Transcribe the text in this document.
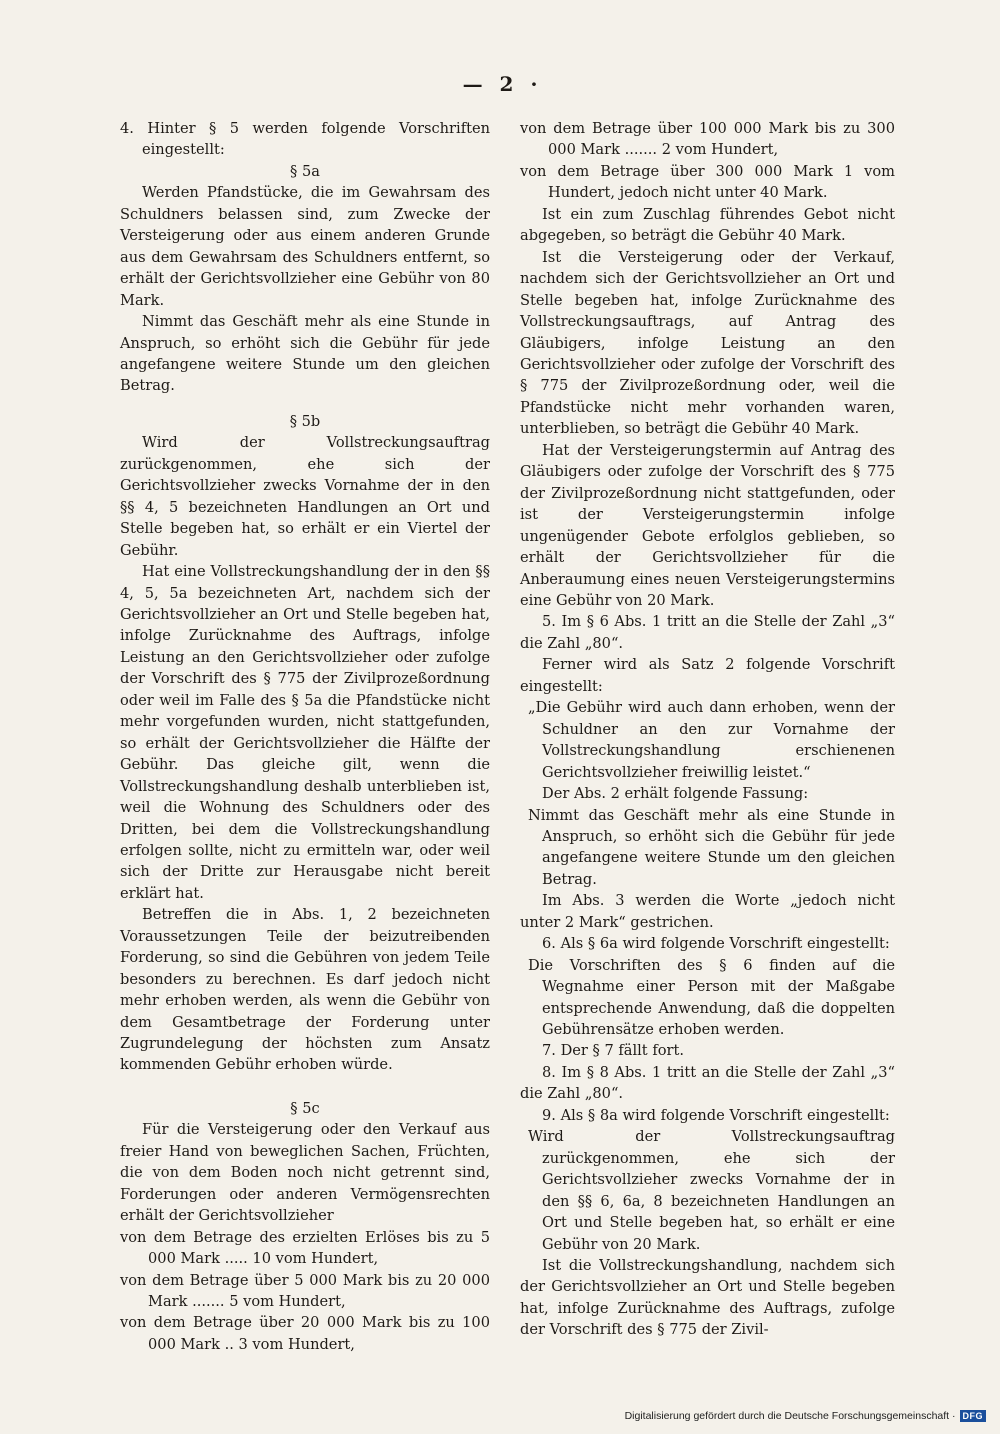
— 2 ·

4. Hinter § 5 werden folgende Vorschriften eingestellt:

§ 5a

Werden Pfandstücke, die im Gewahrsam des Schuldners belassen sind, zum Zwecke der Versteigerung oder aus einem anderen Grunde aus dem Gewahrsam des Schuldners entfernt, so erhält der Gerichtsvollzieher eine Gebühr von 80 Mark.

Nimmt das Geschäft mehr als eine Stunde in Anspruch, so erhöht sich die Gebühr für jede angefangene weitere Stunde um den gleichen Betrag.

§ 5b

Wird der Vollstreckungsauftrag zurückgenommen, ehe sich der Gerichtsvollzieher zwecks Vornahme der in den §§ 4, 5 bezeichneten Handlungen an Ort und Stelle begeben hat, so erhält er ein Viertel der Gebühr.

Hat eine Vollstreckungshandlung der in den §§ 4, 5, 5a bezeichneten Art, nachdem sich der Gerichtsvollzieher an Ort und Stelle begeben hat, infolge Zurücknahme des Auftrags, infolge Leistung an den Gerichtsvollzieher oder zufolge der Vorschrift des § 775 der Zivilprozeßordnung oder weil im Falle des § 5a die Pfandstücke nicht mehr vorgefunden wurden, nicht stattgefunden, so erhält der Gerichtsvollzieher die Hälfte der Gebühr. Das gleiche gilt, wenn die Vollstreckungshandlung deshalb unterblieben ist, weil die Wohnung des Schuldners oder des Dritten, bei dem die Vollstreckungshandlung erfolgen sollte, nicht zu ermitteln war, oder weil sich der Dritte zur Herausgabe nicht bereit erklärt hat.

Betreffen die in Abs. 1, 2 bezeichneten Voraussetzungen Teile der beizutreibenden Forderung, so sind die Gebühren von jedem Teile besonders zu berechnen. Es darf jedoch nicht mehr erhoben werden, als wenn die Gebühr von dem Gesamtbetrage der Forderung unter Zugrundelegung der höchsten zum Ansatz kommenden Gebühr erhoben würde.

§ 5c

Für die Versteigerung oder den Verkauf aus freier Hand von beweglichen Sachen, Früchten, die von dem Boden noch nicht getrennt sind, Forderungen oder anderen Vermögensrechten erhält der Gerichtsvollzieher

von dem Betrage des erzielten Erlöses bis zu 5 000 Mark ..... 10 vom Hundert,

von dem Betrage über 5 000 Mark bis zu 20 000 Mark ....... 5 vom Hundert,

von dem Betrage über 20 000 Mark bis zu 100 000 Mark .. 3 vom Hundert,

von dem Betrage über 100 000 Mark bis zu 300 000 Mark ....... 2 vom Hundert,

von dem Betrage über 300 000 Mark 1 vom Hundert, jedoch nicht unter 40 Mark.

Ist ein zum Zuschlag führendes Gebot nicht abgegeben, so beträgt die Gebühr 40 Mark.

Ist die Versteigerung oder der Verkauf, nachdem sich der Gerichtsvollzieher an Ort und Stelle begeben hat, infolge Zurücknahme des Vollstreckungsauftrags, auf Antrag des Gläubigers, infolge Leistung an den Gerichtsvollzieher oder zufolge der Vorschrift des § 775 der Zivilprozeßordnung oder, weil die Pfandstücke nicht mehr vorhanden waren, unterblieben, so beträgt die Gebühr 40 Mark.

Hat der Versteigerungstermin auf Antrag des Gläubigers oder zufolge der Vorschrift des § 775 der Zivilprozeßordnung nicht stattgefunden, oder ist der Versteigerungstermin infolge ungenügender Gebote erfolglos geblieben, so erhält der Gerichtsvollzieher für die Anberaumung eines neuen Versteigerungstermins eine Gebühr von 20 Mark.

5. Im § 6 Abs. 1 tritt an die Stelle der Zahl „3“ die Zahl „80“.

Ferner wird als Satz 2 folgende Vorschrift eingestellt:

„Die Gebühr wird auch dann erhoben, wenn der Schuldner an den zur Vornahme der Vollstreckungshandlung erschienenen Gerichtsvollzieher freiwillig leistet.“

Der Abs. 2 erhält folgende Fassung:

Nimmt das Geschäft mehr als eine Stunde in Anspruch, so erhöht sich die Gebühr für jede angefangene weitere Stunde um den gleichen Betrag.

Im Abs. 3 werden die Worte „jedoch nicht unter 2 Mark“ gestrichen.

6. Als § 6a wird folgende Vorschrift eingestellt:

Die Vorschriften des § 6 finden auf die Wegnahme einer Person mit der Maßgabe entsprechende Anwendung, daß die doppelten Gebührensätze erhoben werden.

7. Der § 7 fällt fort.

8. Im § 8 Abs. 1 tritt an die Stelle der Zahl „3“ die Zahl „80“.

9. Als § 8a wird folgende Vorschrift eingestellt:

Wird der Vollstreckungsauftrag zurückgenommen, ehe sich der Gerichtsvollzieher zwecks Vornahme der in den §§ 6, 6a, 8 bezeichneten Handlungen an Ort und Stelle begeben hat, so erhält er eine Gebühr von 20 Mark.

Ist die Vollstreckungshandlung, nachdem sich der Gerichtsvollzieher an Ort und Stelle begeben hat, infolge Zurücknahme des Auftrags, zufolge der Vorschrift des § 775 der Zivil-

Digitalisierung gefördert durch die Deutsche Forschungsgemeinschaft · DFG
